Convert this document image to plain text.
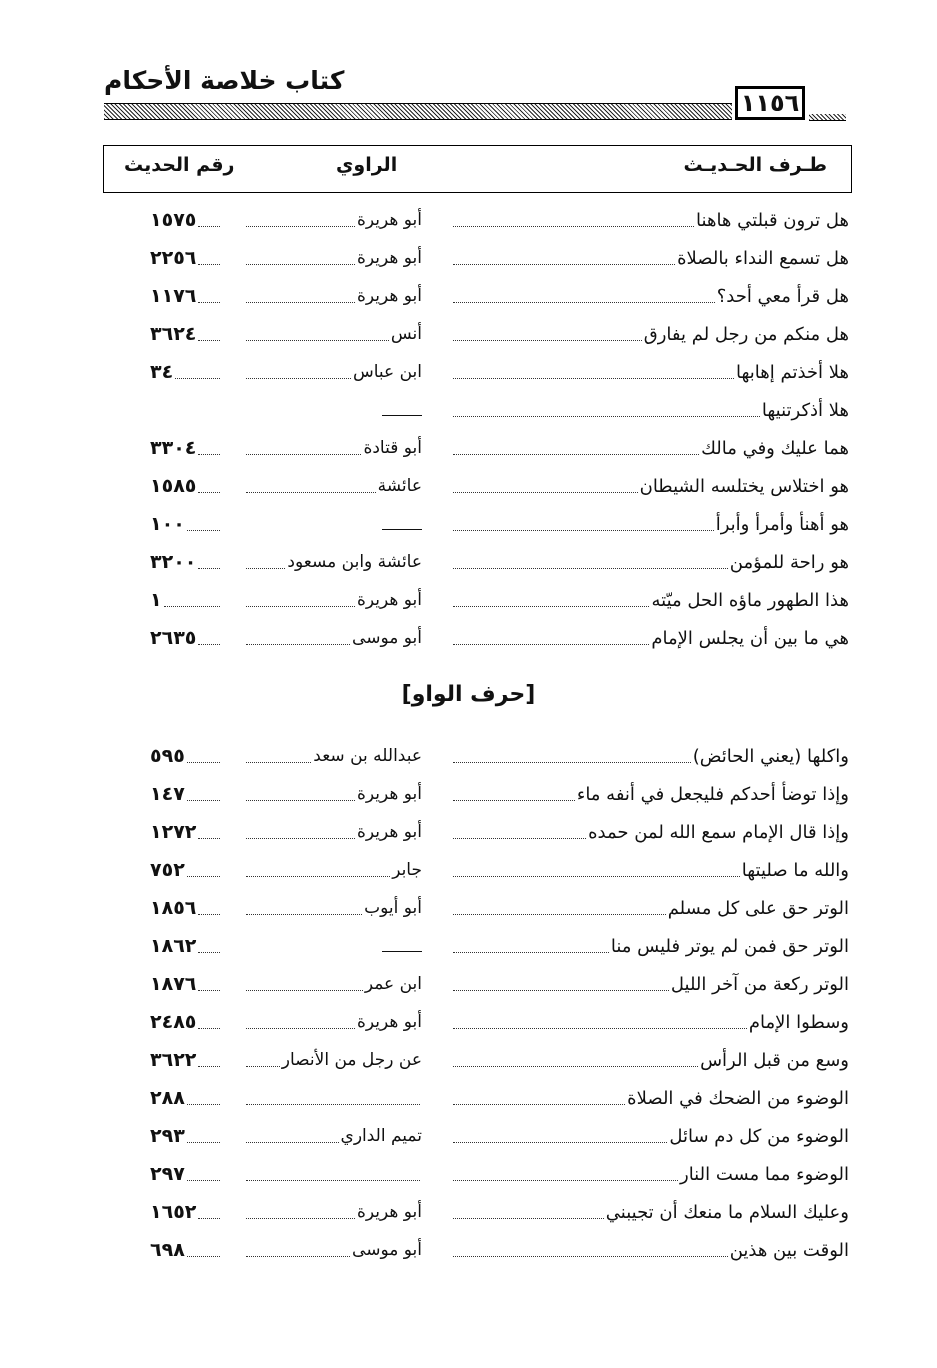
كتاب خلاصة الأحكام
١١٥٦
رقم الحديث	الراوي	طـرف الحـديـث
[حرف الواو]
هل ترون قبلتي هاهنا
أبو هريرة
١٥٧٥
هل تسمع النداء بالصلاة
أبو هريرة
٢٢٥٦
هل قرأ معي أحد؟
أبو هريرة
١١٧٦
هل منكم من رجل لم يفارق
أنس
٣٦٢٤
هلا أخذتم إهابها
ابن عباس
٣٤
هلا أذكرتنيها
هما عليك وفي مالك
أبو قتادة
٣٣٠٤
هو اختلاس يختلسه الشيطان
عائشة
١٥٨٥
هو أهنأ وأمرأ وأبرأ
١٠٠
هو راحة للمؤمن
عائشة وابن مسعود
٣٢٠٠
هذا الطهور ماؤه الحل ميّته
أبو هريرة
١
هي ما بين أن يجلس الإمام
أبو موسى
٢٦٣٥
واكلها (يعني الحائض)
عبدالله بن سعد
٥٩٥
وإذا توضأ أحدكم فليجعل في أنفه ماء
أبو هريرة
١٤٧
وإذا قال الإمام سمع الله لمن حمده
أبو هريرة
١٢٧٢
والله ما صليتها
جابر
٧٥٢
الوتر حق على كل مسلم
أبو أيوب
١٨٥٦
الوتر حق فمن لم يوتر فليس منا
١٨٦٢
الوتر ركعة من آخر الليل
ابن عمر
١٨٧٦
وسطوا الإمام
أبو هريرة
٢٤٨٥
وسع من قبل الرأس
عن رجل من الأنصار
٣٦٢٢
الوضوء من الضحك في الصلاة
٢٨٨
الوضوء من كل دم سائل
تميم الداري
٢٩٣
الوضوء مما مست النار
٢٩٧
وعليك السلام ما منعك أن تجيبني
أبو هريرة
١٦٥٢
الوقت بين هذين
أبو موسى
٦٩٨
